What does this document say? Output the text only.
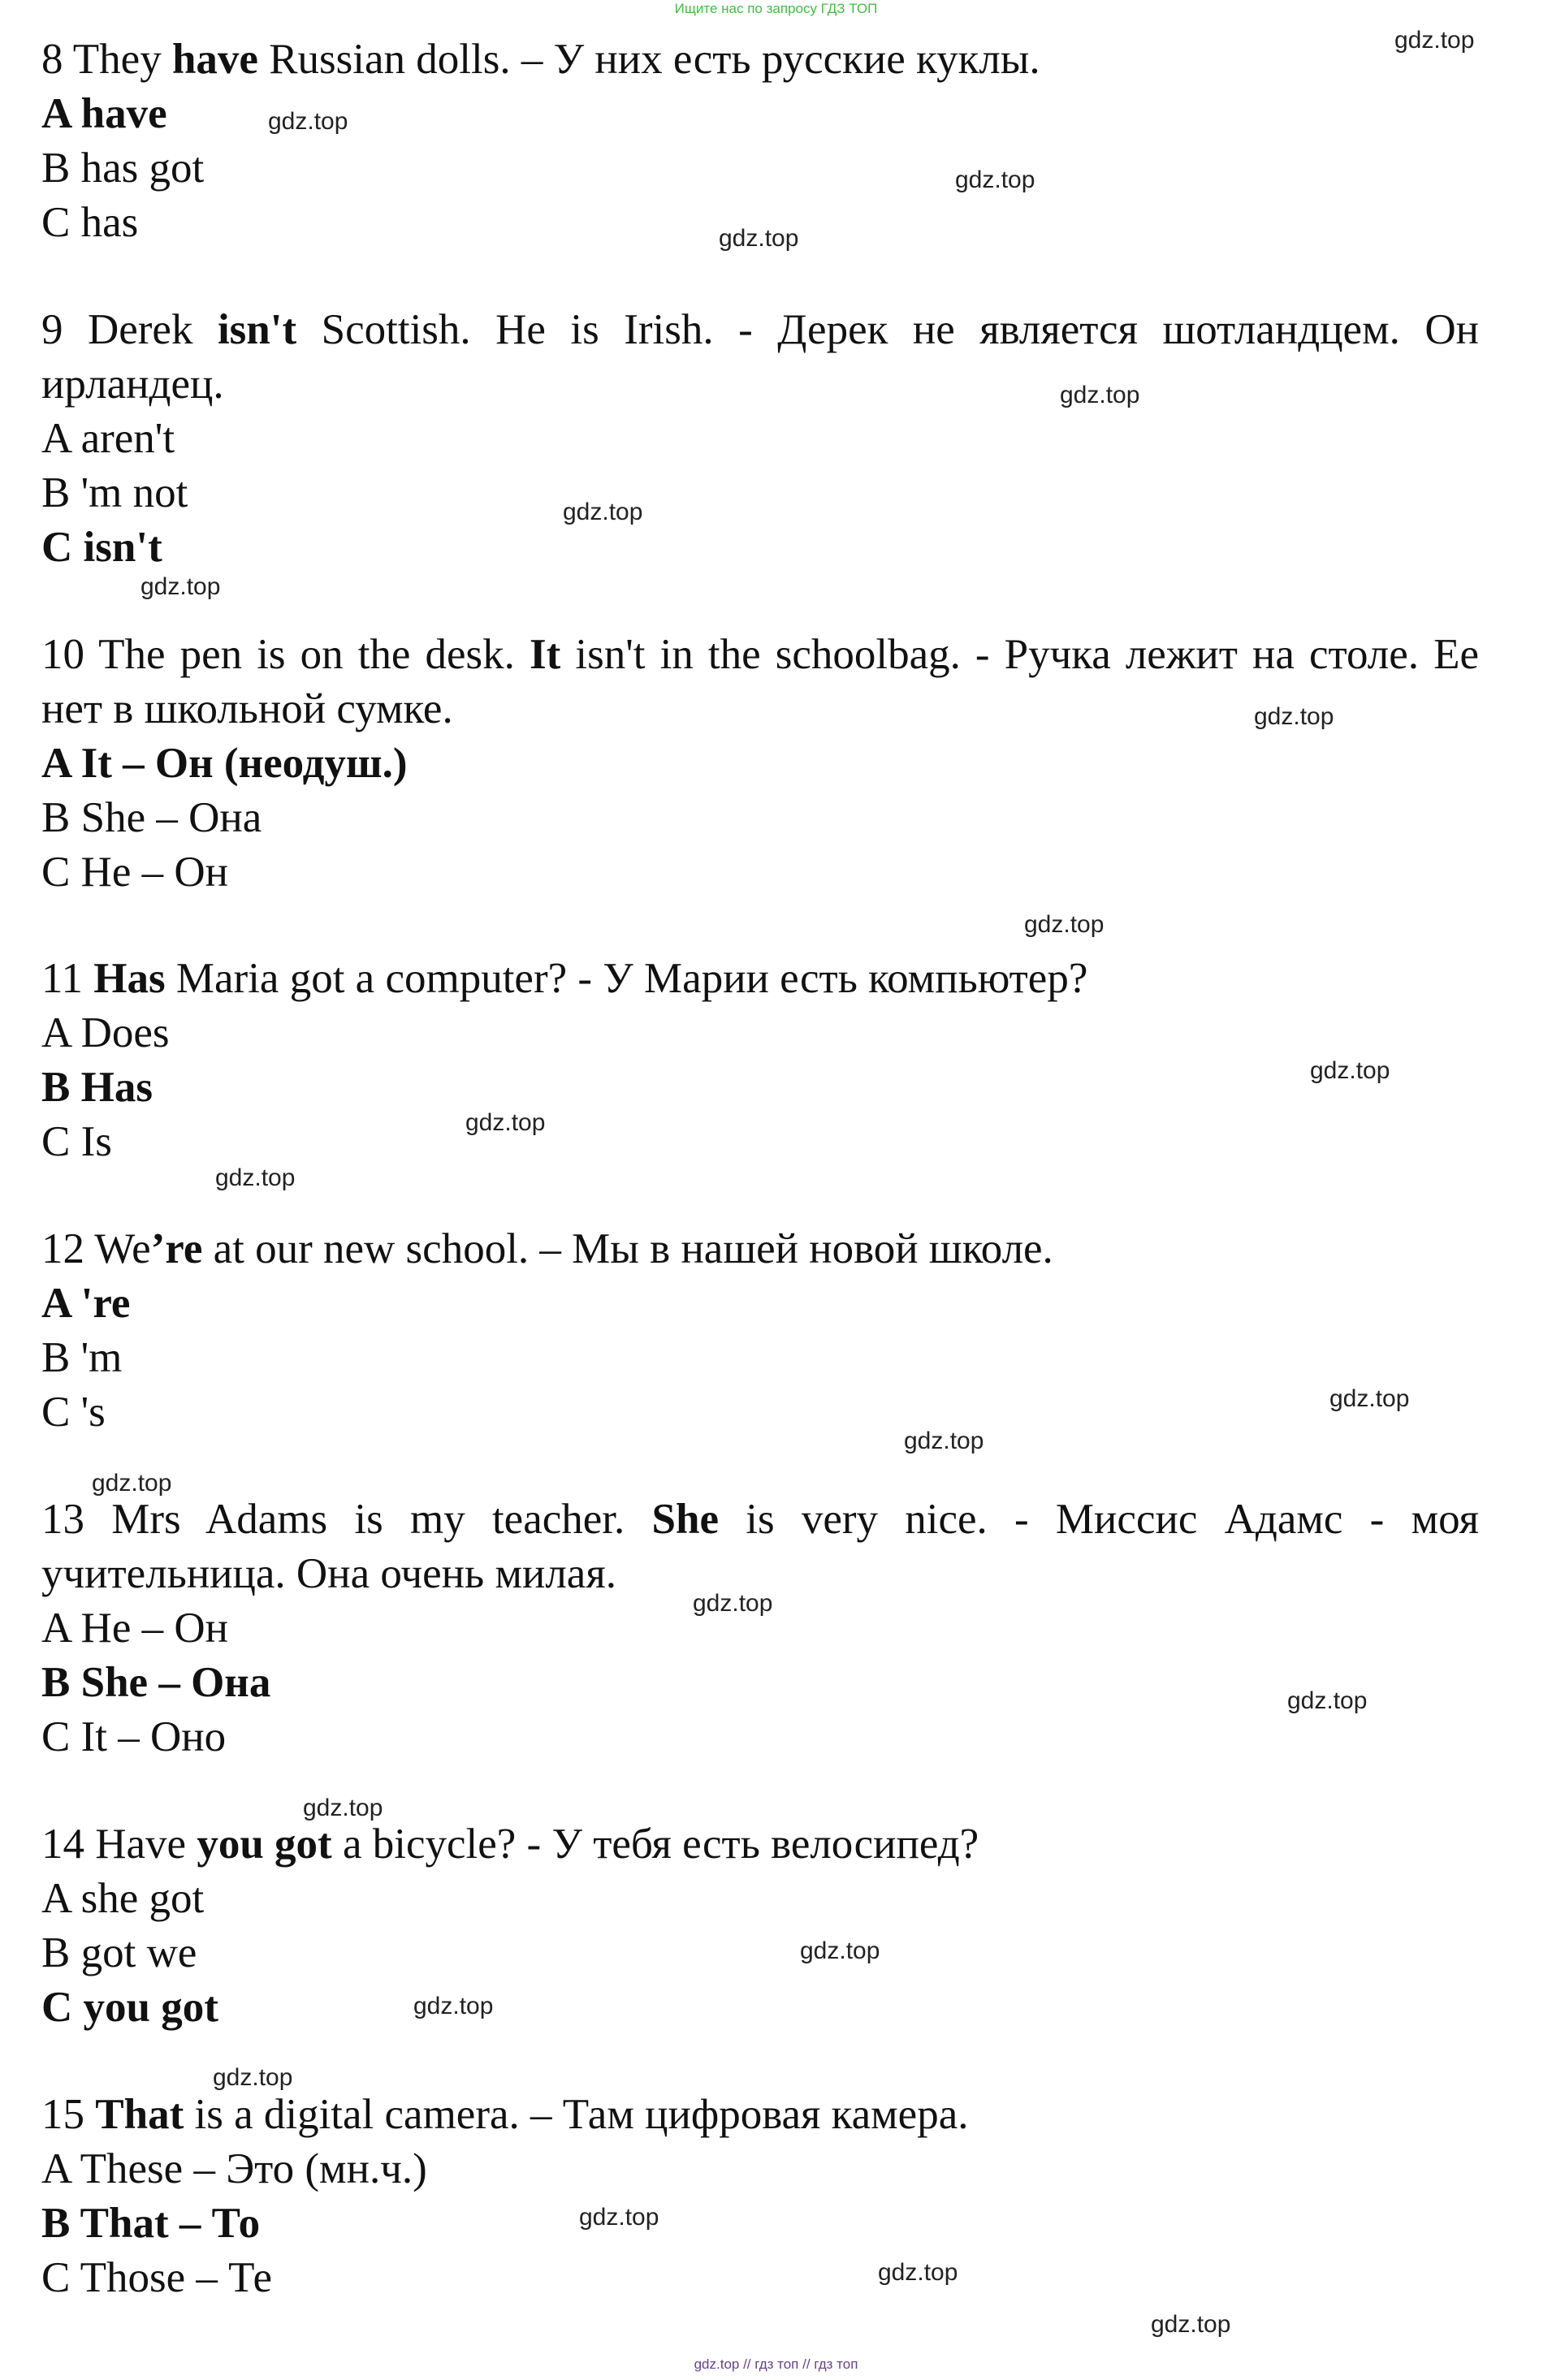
Ищите нас по запросу ГДЗ ТОП

8 They have Russian dolls. – У них есть русские куклы.

A have

B has got

C has

9 Derek isn't Scottish. He is Irish. - Дерек не является шотландцем. Он ирландец.

A aren't

B 'm not

C isn't

10 The pen is on the desk. It isn't in the schoolbag. - Ручка лежит на столе. Ее нет в школьной сумке.

A It – Он (неодуш.)

B She – Она

C He – Он

11 Has Maria got a computer? - У Марии есть компьютер?

A Does

B Has

C Is

12 We’re at our new school. – Мы в нашей новой школе.

A 're

B 'm

C 's

13 Mrs Adams is my teacher. She is very nice. - Миссис Адамс - моя учительница. Она очень милая.

A He – Он

B She – Она

C It – Оно

14 Have you got a bicycle? - У тебя есть велосипед?

A she got

B got we

C you got

15 That is a digital camera. – Там цифровая камера.

A These – Это (мн.ч.)

B That – То

C Those – Те

gdz.top
gdz.top
gdz.top
gdz.top
gdz.top
gdz.top
gdz.top
gdz.top
gdz.top
gdz.top
gdz.top
gdz.top
gdz.top
gdz.top
gdz.top
gdz.top
gdz.top
gdz.top
gdz.top
gdz.top
gdz.top
gdz.top
gdz.top
gdz.top
gdz.top // гдз топ // гдз топ
